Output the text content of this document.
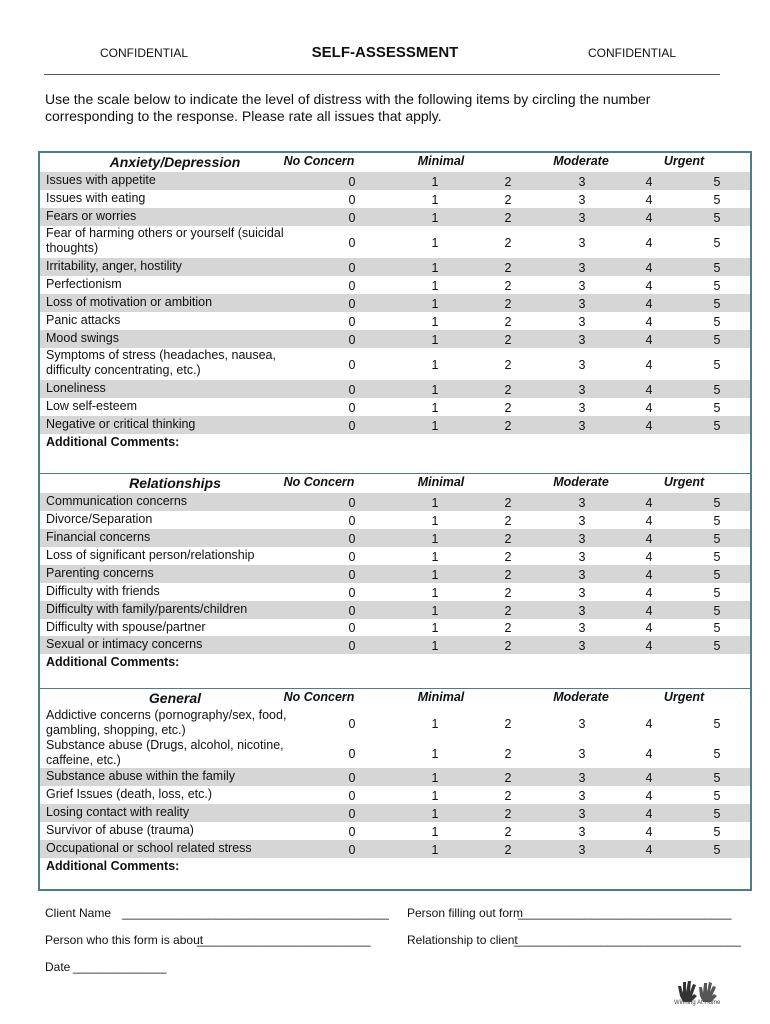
CONFIDENTIAL	SELF-ASSESSMENT	CONFIDENTIAL
Use the scale below to indicate the level of distress with the following items by circling the number corresponding to the response. Please rate all issues that apply.
Anxiety/Depression	No Concern	Minimal	Moderate	Urgent
Issues with appetite	0	1	2	3	4	5
Issues with eating	0	1	2	3	4	5
Fears or worries	0	1	2	3	4	5
Fear of harming others or yourself (suicidal thoughts)	0	1	2	3	4	5
Irritability, anger, hostility	0	1	2	3	4	5
Perfectionism	0	1	2	3	4	5
Loss of motivation or ambition	0	1	2	3	4	5
Panic attacks	0	1	2	3	4	5
Mood swings	0	1	2	3	4	5
Symptoms of stress (headaches, nausea, difficulty concentrating, etc.)	0	1	2	3	4	5
Loneliness	0	1	2	3	4	5
Low self-esteem	0	1	2	3	4	5
Negative or critical thinking	0	1	2	3	4	5
Additional Comments:
Relationships	No Concern	Minimal	Moderate	Urgent
Communication concerns	0	1	2	3	4	5
Divorce/Separation	0	1	2	3	4	5
Financial concerns	0	1	2	3	4	5
Loss of significant person/relationship	0	1	2	3	4	5
Parenting concerns	0	1	2	3	4	5
Difficulty with friends	0	1	2	3	4	5
Difficulty with family/parents/children	0	1	2	3	4	5
Difficulty with spouse/partner	0	1	2	3	4	5
Sexual or intimacy concerns	0	1	2	3	4	5
Additional Comments:
General	No Concern	Minimal	Moderate	Urgent
Addictive concerns (pornography/sex, food, gambling, shopping, etc.)	0	1	2	3	4	5
Substance abuse (Drugs, alcohol, nicotine, caffeine, etc.)	0	1	2	3	4	5
Substance abuse within the family	0	1	2	3	4	5
Grief Issues (death, loss, etc.)	0	1	2	3	4	5
Losing contact with reality	0	1	2	3	4	5
Survivor of abuse (trauma)	0	1	2	3	4	5
Occupational or school related stress	0	1	2	3	4	5
Additional Comments:
Client Name ________________________________________ Person filling out form
________________________________
Person who this form is about
__________________________	Relationship to client
__________________________________
Date ______________
Winning At Home
